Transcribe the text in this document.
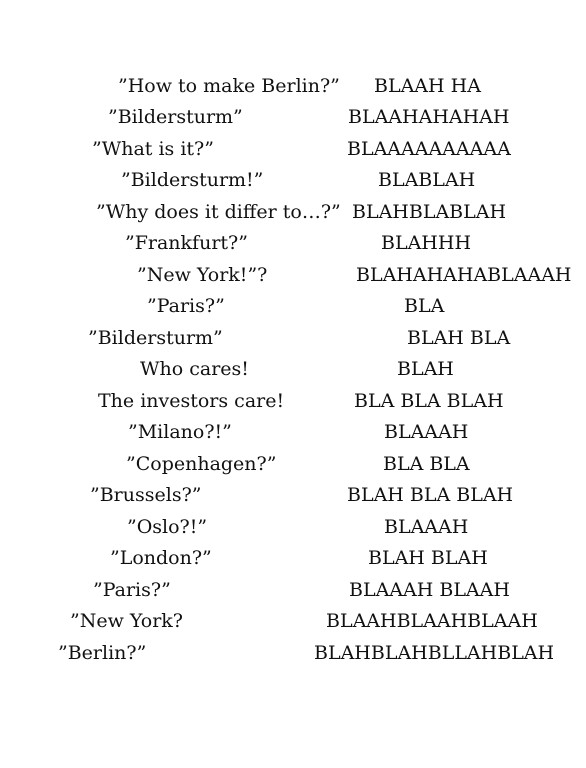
”How to make Berlin?”
”Bildersturm”
”What is it?”
”Bildersturm!”
”Why does it differ to…?”
”Frankfurt?”
”New York!”?
”Paris?”
”Bildersturm”
Who cares!
The investors care!
”Milano?!”
”Copenhagen?”
”Brussels?”
”Oslo?!”
”London?”
”Paris?”
”New York?
”Berlin?”
BLAAH HA
BLAAHAHAHAH
BLAAAAAAAAAA
BLABLAH
BLAHBLABLAH
BLAHHH
BLAHAHAHABLAAAH
BLA
BLAH BLA
BLAH
BLA BLA BLAH
BLAAAH
BLA BLA
BLAH BLA BLAH
BLAAAH
BLAH BLAH
BLAAAH BLAAH
BLAAHBLAAHBLAAH
BLAHBLAHBLLAHBLAH
